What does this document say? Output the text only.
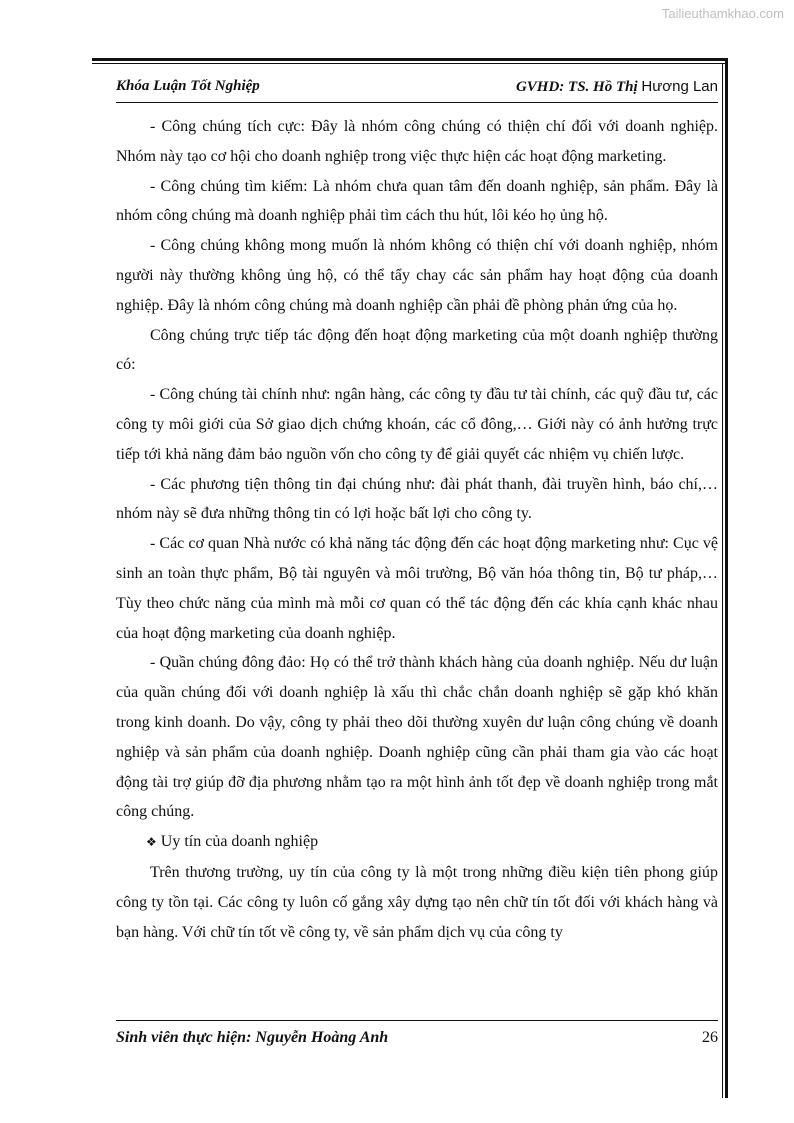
Tailieuthamkhao.com
Khóa Luận Tốt Nghiệp	GVHD: TS. Hồ Thị Hương Lan

- Công chúng tích cực: Đây là nhóm công chúng có thiện chí đối với doanh nghiệp. Nhóm này tạo cơ hội cho doanh nghiệp trong việc thực hiện các hoạt động marketing.

- Công chúng tìm kiếm: Là nhóm chưa quan tâm đến doanh nghiệp, sản phẩm. Đây là nhóm công chúng mà doanh nghiệp phải tìm cách thu hút, lôi kéo họ ủng hộ.

- Công chúng không mong muốn là nhóm không có thiện chí với doanh nghiệp, nhóm người này thường không ủng hộ, có thể tẩy chay các sản phẩm hay hoạt động của doanh nghiệp. Đây là nhóm công chúng mà doanh nghiệp cần phải đề phòng phản ứng của họ.

Công chúng trực tiếp tác động đến hoạt động marketing của một doanh nghiệp thường có:

- Công chúng tài chính như: ngân hàng, các công ty đầu tư tài chính, các quỹ đầu tư, các công ty môi giới của Sở giao dịch chứng khoán, các cổ đông,… Giới này có ảnh hưởng trực tiếp tới khả năng đảm bảo nguồn vốn cho công ty để giải quyết các nhiệm vụ chiến lược.

- Các phương tiện thông tin đại chúng như: đài phát thanh, đài truyền hình, báo chí,… nhóm này sẽ đưa những thông tin có lợi hoặc bất lợi cho công ty.

- Các cơ quan Nhà nước có khả năng tác động đến các hoạt động marketing như: Cục vệ sinh an toàn thực phẩm, Bộ tài nguyên và môi trường, Bộ văn hóa thông tin, Bộ tư pháp,… Tùy theo chức năng của mình mà mỗi cơ quan có thể tác động đến các khía cạnh khác nhau của hoạt động marketing của doanh nghiệp.

- Quần chúng đông đảo: Họ có thể trở thành khách hàng của doanh nghiệp. Nếu dư luận của quần chúng đối với doanh nghiệp là xấu thì chắc chắn doanh nghiệp sẽ gặp khó khăn trong kinh doanh. Do vậy, công ty phải theo dõi thường xuyên dư luận công chúng về doanh nghiệp và sản phẩm của doanh nghiệp. Doanh nghiệp cũng cần phải tham gia vào các hoạt động tài trợ giúp đỡ địa phương nhằm tạo ra một hình ảnh tốt đẹp về doanh nghiệp trong mắt công chúng.

❖ Uy tín của doanh nghiệp

Trên thương trường, uy tín của công ty là một trong những điều kiện tiên phong giúp công ty tồn tại. Các công ty luôn cố gắng xây dựng tạo nên chữ tín tốt đối với khách hàng và bạn hàng. Với chữ tín tốt về công ty, về sản phẩm dịch vụ của công ty

Sinh viên thực hiện: Nguyễn Hoàng Anh	26
